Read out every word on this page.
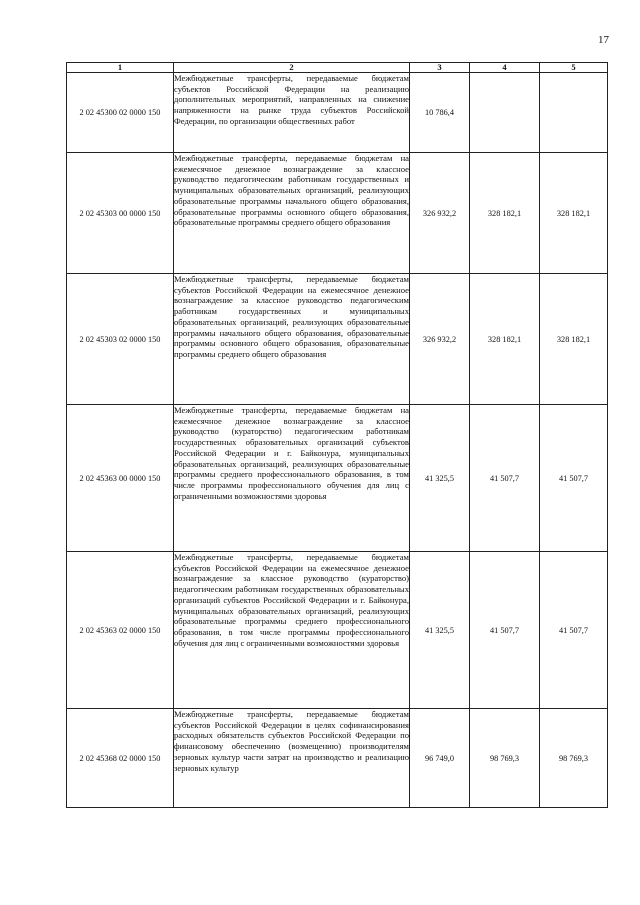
17
1	2	3	4	5
2 02 45300 02 0000 150	Межбюджетные трансферты, передаваемые бюджетам субъектов Российской Федерации на реализацию дополнительных мероприятий, направленных на снижение напряженности на рынке труда субъектов Российской Федерации, по организации общественных работ	10 786,4		
2 02 45303 00 0000 150	Межбюджетные трансферты, передаваемые бюджетам на ежемесячное денежное вознаграждение за классное руководство педагогическим работникам государственных и муниципальных образовательных организаций, реализующих образовательные программы начального общего образования, образовательные программы основного общего образования, образовательные программы среднего общего образования	326 932,2	328 182,1	328 182,1
2 02 45303 02 0000 150	Межбюджетные трансферты, передаваемые бюджетам субъектов Российской Федерации на ежемесячное денежное вознаграждение за классное руководство педагогическим работникам государственных и муниципальных образовательных организаций, реализующих образовательные программы начального общего образования, образовательные программы основного общего образования, образовательные программы среднего общего образования	326 932,2	328 182,1	328 182,1
2 02 45363 00 0000 150	Межбюджетные трансферты, передаваемые бюджетам на ежемесячное денежное вознаграждение за классное руководство (кураторство) педагогическим работникам государственных образовательных организаций субъектов Российской Федерации и г. Байконура, муниципальных образовательных организаций, реализующих образовательные программы среднего профессионального образования, в том числе программы профессионального обучения для лиц с ограниченными возможностями здоровья	41 325,5	41 507,7	41 507,7
2 02 45363 02 0000 150	Межбюджетные трансферты, передаваемые бюджетам субъектов Российской Федерации на ежемесячное денежное вознаграждение за классное руководство (кураторство) педагогическим работникам государственных образовательных организаций субъектов Российской Федерации и г. Байконура, муниципальных образовательных организаций, реализующих образовательные программы среднего профессионального образования, в том числе программы профессионального обучения для лиц с ограниченными возможностями здоровья	41 325,5	41 507,7	41 507,7
2 02 45368 02 0000 150	Межбюджетные трансферты, передаваемые бюджетам субъектов Российской Федерации в целях софинансирования расходных обязательств субъектов Российской Федерации по финансовому обеспечению (возмещению) производителям зерновых культур части затрат на производство и реализацию зерновых культур	96 749,0	98 769,3	98 769,3
